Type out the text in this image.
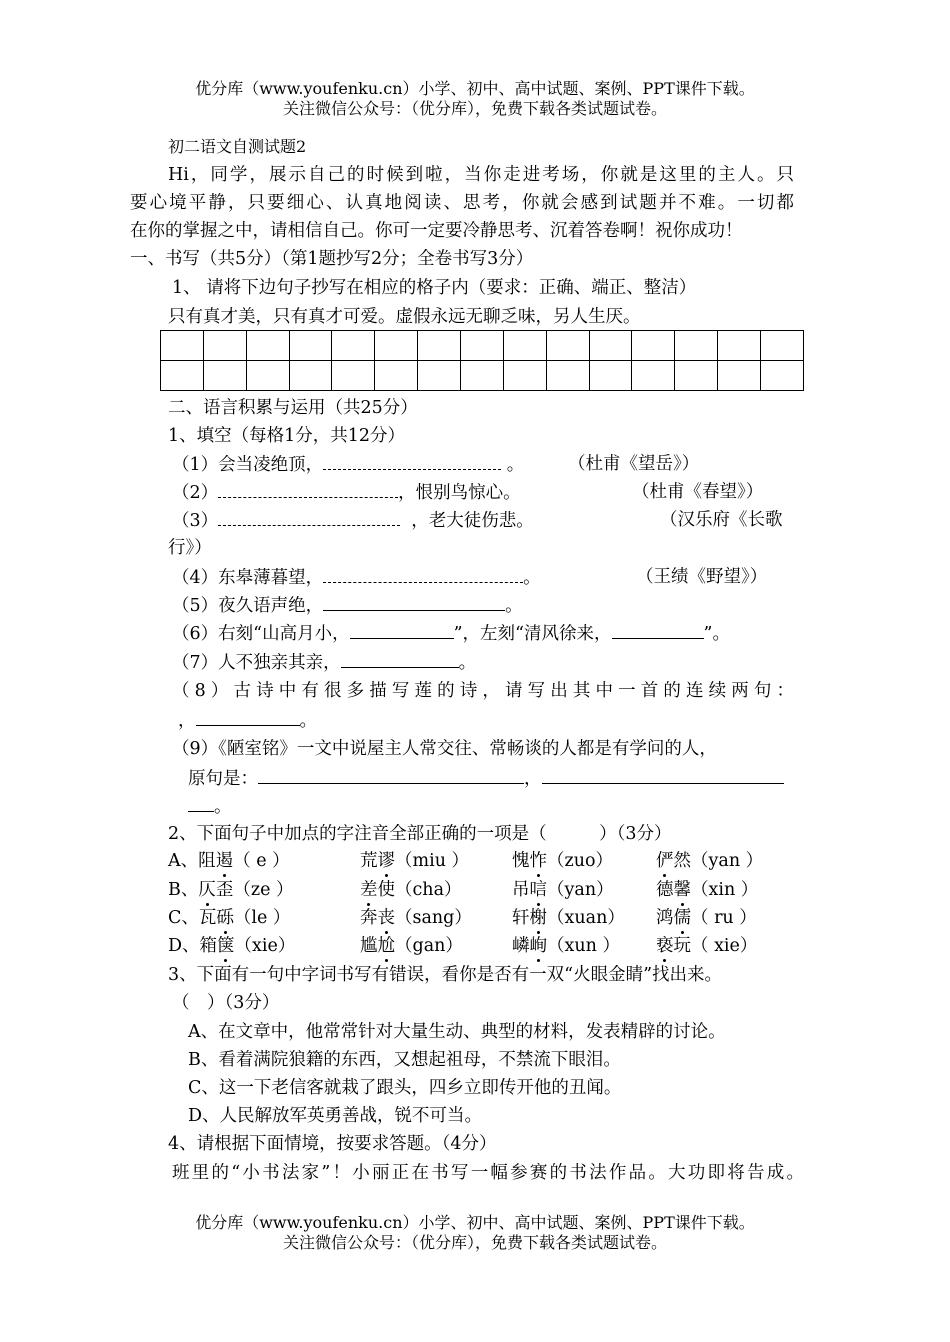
优分库（www.youfenku.cn）小学、初中、高中试题、案例、PPT课件下载。
关注微信公众号：（优分库），免费下载各类试题试卷。
初二语文自测试题2
Hi，同学，展示自己的时候到啦，当你走进考场，你就是这里的主人。只
要心境平静，只要细心、认真地阅读、思考，你就会感到试题并不难。一切都
在你的掌握之中，请相信自己。你可一定要冷静思考、沉着答卷啊！祝你成功！
一、书写（共5分）（第1题抄写2分；全卷书写3分）
1、 请将下边句子抄写在相应的格子内（要求：正确、端正、整洁）
只有真才美，只有真才可爱。虚假永远无聊乏味，另人生厌。

二、语言积累与运用（共25分）
1、填空（每格1分，共12分）
（1）会当凌绝顶，	。	（杜甫《望岳》）
（2）	，恨别鸟惊心。	（杜甫《春望》）
（3）	，老大徒伤悲。	（汉乐府《长歌
行》）
（4）东皋薄暮望，	。	（王绩《野望》）
（5）夜久语声绝，	。
（6）右刻“山高月小，	”，左刻“清风徐来，	”。
（7）人不独亲其亲，	。
（8）古诗中有很多描写莲的诗，请写出其中一首的连续两句：
，	。
（9）《陋室铭》一文中说屋主人常交往、常畅谈的人都是有学问的人，
原句是：	，
。
2、下面句子中加点的字注音全部正确的一项是（　　　）（3分）
A、阻遏（ e ）	荒谬（miu ） 愧怍（zuo） 俨然（yan ）
B、仄歪（ze ）	差使（cha）	吊唁（yan） 德馨（xin ）
C、瓦砾（le ）	奔丧（sang） 轩榭（xuan） 鸿儒（ ru ）
D、箱箧（xie）	尴尬（gan）	嶙峋（xun ） 亵玩（ xie）
3、下面有一句中字词书写有错误，看你是否有一双“火眼金睛”找出来。
（　）（3分）
A、在文章中，他常常针对大量生动、典型的材料，发表精辟的讨论。
B、看着满院狼籍的东西，又想起祖母，不禁流下眼泪。
C、这一下老信客就栽了跟头，四乡立即传开他的丑闻。
D、人民解放军英勇善战，锐不可当。
4、请根据下面情境，按要求答题。（4分）
班里的“小书法家”！小丽正在书写一幅参赛的书法作品。大功即将告成。
优分库（www.youfenku.cn）小学、初中、高中试题、案例、PPT课件下载。
关注微信公众号：（优分库），免费下载各类试题试卷。
